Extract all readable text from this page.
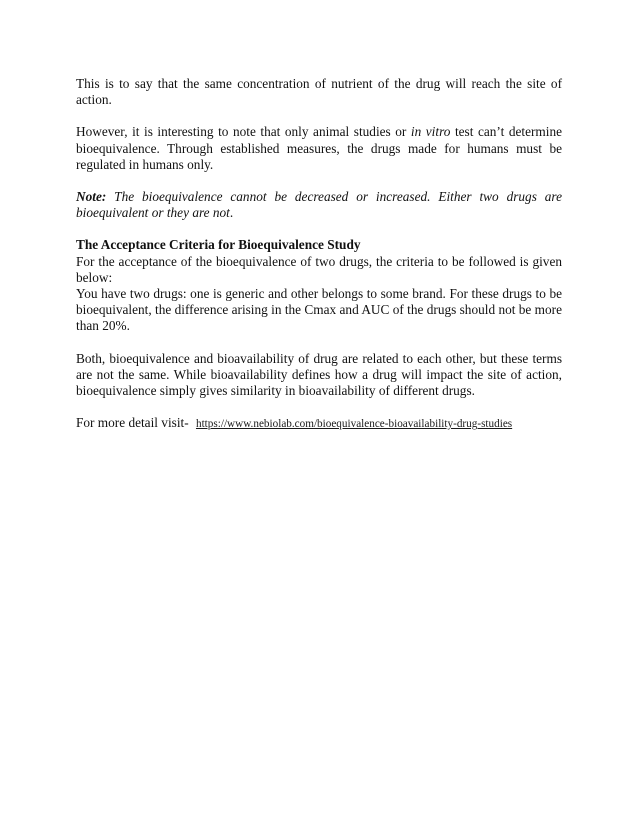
This is to say that the same concentration of nutrient of the drug will reach the site of action.

However, it is interesting to note that only animal studies or in vitro test can’t determine bioequivalence. Through established measures, the drugs made for humans must be regulated in humans only.

Note: The bioequivalence cannot be decreased or increased. Either two drugs are bioequivalent or they are not.

The Acceptance Criteria for Bioequivalence Study

For the acceptance of the bioequivalence of two drugs, the criteria to be followed is given below:

You have two drugs: one is generic and other belongs to some brand. For these drugs to be bioequivalent, the difference arising in the Cmax and AUC of the drugs should not be more than 20%.

Both, bioequivalence and bioavailability of drug are related to each other, but these terms are not the same. While bioavailability defines how a drug will impact the site of action, bioequivalence simply gives similarity in bioavailability of different drugs.

For more detail visit- https://www.nebiolab.com/bioequivalence-bioavailability-drug-studies
